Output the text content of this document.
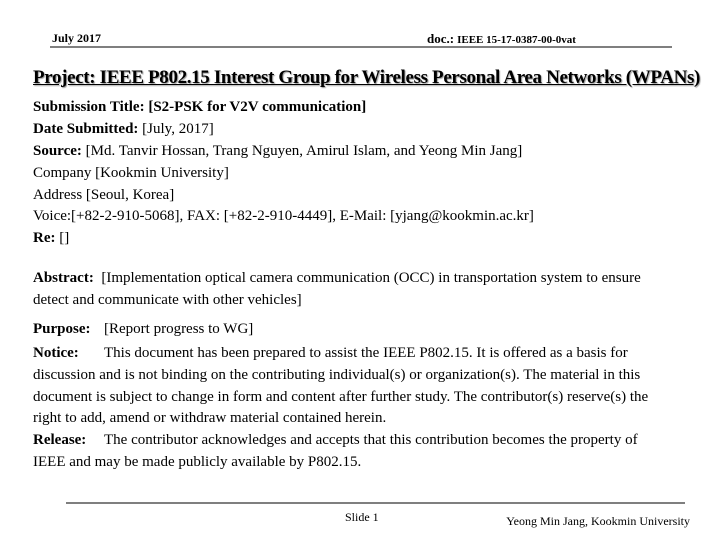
July 2017	doc.: IEEE 15-17-0387-00-0vat
Project: IEEE P802.15 Interest Group for Wireless Personal Area Networks (WPANs)
Submission Title: [S2-PSK for V2V communication]
Date Submitted: [July, 2017]
Source: [Md. Tanvir Hossan, Trang Nguyen, Amirul Islam, and Yeong Min Jang]
Company [Kookmin University]
Address [Seoul, Korea]
Voice:[+82-2-910-5068], FAX: [+82-2-910-4449], E-Mail: [yjang@kookmin.ac.kr]
Re: []
Abstract:  [Implementation optical camera communication (OCC) in transportation system to ensure
detect and communicate with other vehicles]
Purpose: [Report progress to WG]
Notice: This document has been prepared to assist the IEEE P802.15. It is offered as a basis for
discussion and is not binding on the contributing individual(s) or organization(s). The material in this
document is subject to change in form and content after further study. The contributor(s) reserve(s) the
right to add, amend or withdraw material contained herein.
Release: The contributor acknowledges and accepts that this contribution becomes the property of
IEEE and may be made publicly available by P802.15.
Slide 1	Yeong Min Jang, Kookmin University
